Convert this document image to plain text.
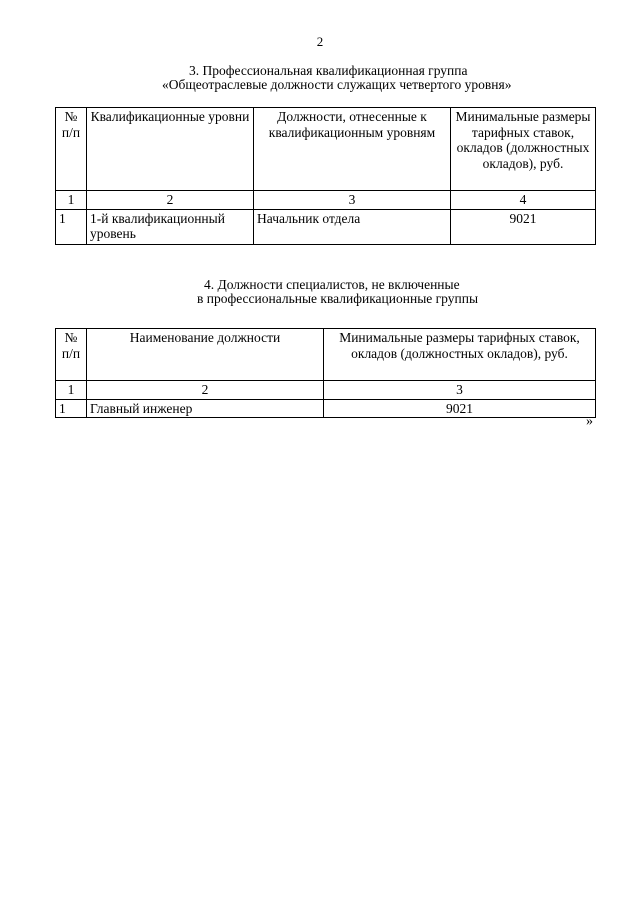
2
3. Профессиональная квалификационная группа
«Общеотраслевые должности служащих четвертого уровня»
№ п/п	Квалификационные уровни	Должности, отнесенные к квалификационным уровням	Минимальные размеры тарифных ставок, окладов (должностных окладов), руб.
1	2	3	4
1	1-й квалификационный уровень	Начальник отдела	9021
4. Должности специалистов, не включенные
в профессиональные квалификационные группы
№ п/п	Наименование должности	Минимальные размеры тарифных ставок, окладов (должностных окладов), руб.
1	2	3
1	Главный инженер	9021
»
